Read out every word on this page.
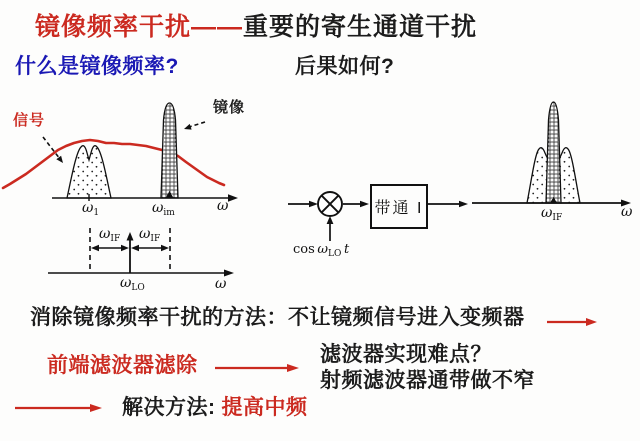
镜像频率干扰——重要的寄生通道干扰
什么是镜像频率?	后果如何?
信号
镜像
$\omega_1$	$\omega_{im}$	ω
$\omega_{IF}$ $\omega_{IF}$
$\omega_{LO}$	ω
带通 I
$\cos \omega_{LO}$  t
$\omega_{IF}$	ω
消除镜像频率干扰的方法：不让镜频信号进入变频器
前端滤波器滤除	滤波器实现难点？
射频滤波器通带做不窄
解决方法: 提高中频
